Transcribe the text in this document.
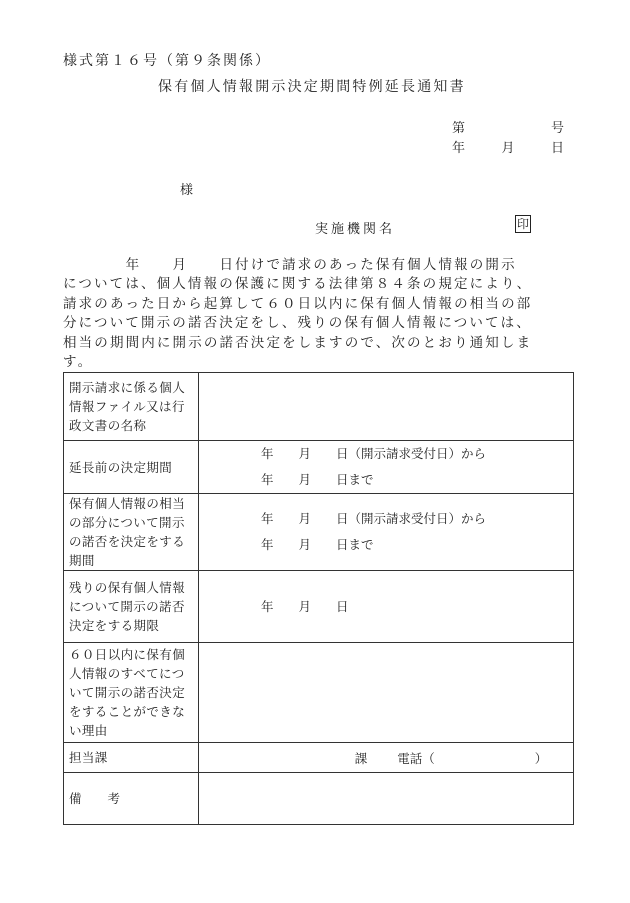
様式第１６号（第９条関係）
保有個人情報開示決定期間特例延長通知書
第	号
年	月	日
様
実施機関名	印
　　　　年　　月　　日付けで請求のあった保有個人情報の開示
については、個人情報の保護に関する法律第８４条の規定により、
請求のあった日から起算して６０日以内に保有個人情報の相当の部
分について開示の諾否決定をし、残りの保有個人情報については、
相当の期間内に開示の諾否決定をしますので、次のとおり通知しま
す。
開示請求に係る個人情報ファイル又は行政文書の名称	
延長前の決定期間	年　　月　　日（開示請求受付日）から
年　　月　　日まで

保有個人情報の相当の部分について開示の諾否を決定をする期間	年　　月　　日（開示請求受付日）から
年　　月　　日まで

残りの保有個人情報について開示の諾否決定をする期限	年　　月　　日

６０日以内に保有個人情報のすべてについて開示の諾否決定をすることができない理由	
担当課	課 電話（　　　　　　　　）

備考	
